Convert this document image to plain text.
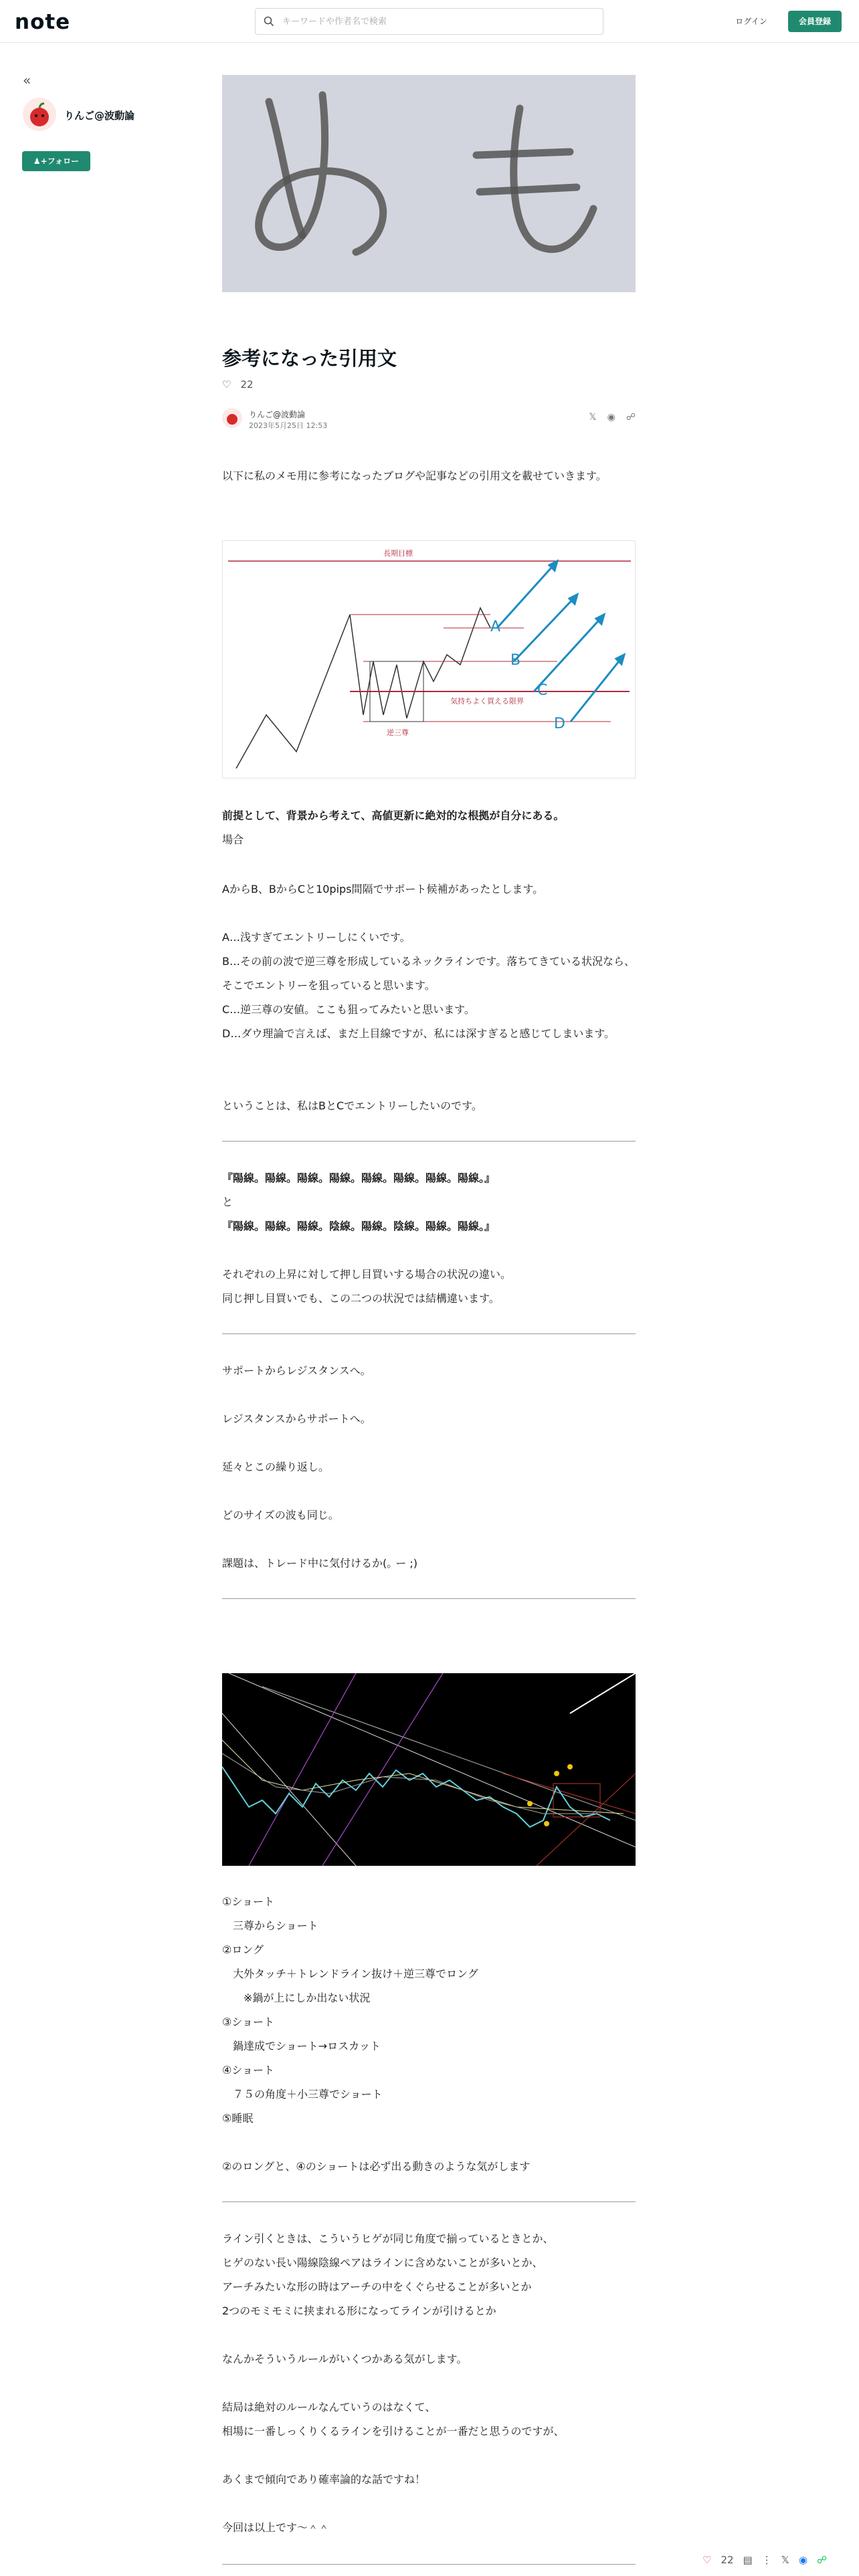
note
キーワードや作者名で検索	ログイン	会員登録
«
りんご@波動論
♟+フォロー
参考になった引用文
♡ 22
りんご@波動論
2023年5月25日 12:53
𝕏 ◉ ☍
以下に私のメモ用に参考になったブログや記事などの引用文を載せていきます。
長期目標
逆三尊
気持ちよく買える限界
A
B
C
D
前提として、背景から考えて、高値更新に絶対的な根拠が自分にある。
場合
AからB、BからCと10pips間隔でサポート候補があったとします。
A…浅すぎてエントリーしにくいです。
B…その前の波で逆三尊を形成しているネックラインです。落ちてきている状況なら、そこでエントリーを狙っていると思います。
C…逆三尊の安値。ここも狙ってみたいと思います。
D…ダウ理論で言えば、まだ上目線ですが、私には深すぎると感じてしまいます。
ということは、私はBとCでエントリーしたいのです。
『陽線。陽線。陽線。陽線。陽線。陽線。陽線。陽線。』
と
『陽線。陽線。陽線。陰線。陽線。陰線。陽線。陽線。』
それぞれの上昇に対して押し目買いする場合の状況の違い。
同じ押し目買いでも、この二つの状況では結構違います。
サポートからレジスタンスへ。
レジスタンスからサポートへ。
延々とこの繰り返し。
どのサイズの波も同じ。
課題は、トレード中に気付けるか(｡ ー ;)
①ショート
　三尊からショート
②ロング
　大外タッチ＋トレンドライン抜け＋逆三尊でロング
　　※鍋が上にしか出ない状況
③ショート
　鍋達成でショート→ロスカット
④ショート
　７５の角度＋小三尊でショート
⑤睡眠
②のロングと、④のショートは必ず出る動きのような気がします
ライン引くときは、こういうヒゲが同じ角度で揃っているときとか、
ヒゲのない長い陽線陰線ペアはラインに含めないことが多いとか、
アーチみたいな形の時はアーチの中をくぐらせることが多いとか
2つのモミモミに挟まれる形になってラインが引けるとか
なんかそういうルールがいくつかある気がします。
結局は絶対のルールなんていうのはなくて、
相場に一番しっくりくるラインを引けることが一番だと思うのですが、
あくまで傾向であり確率論的な話ですね！
今回は以上です〜＾＾
♡ 22 ▤ ⋮ 𝕏 ◉ ☍
